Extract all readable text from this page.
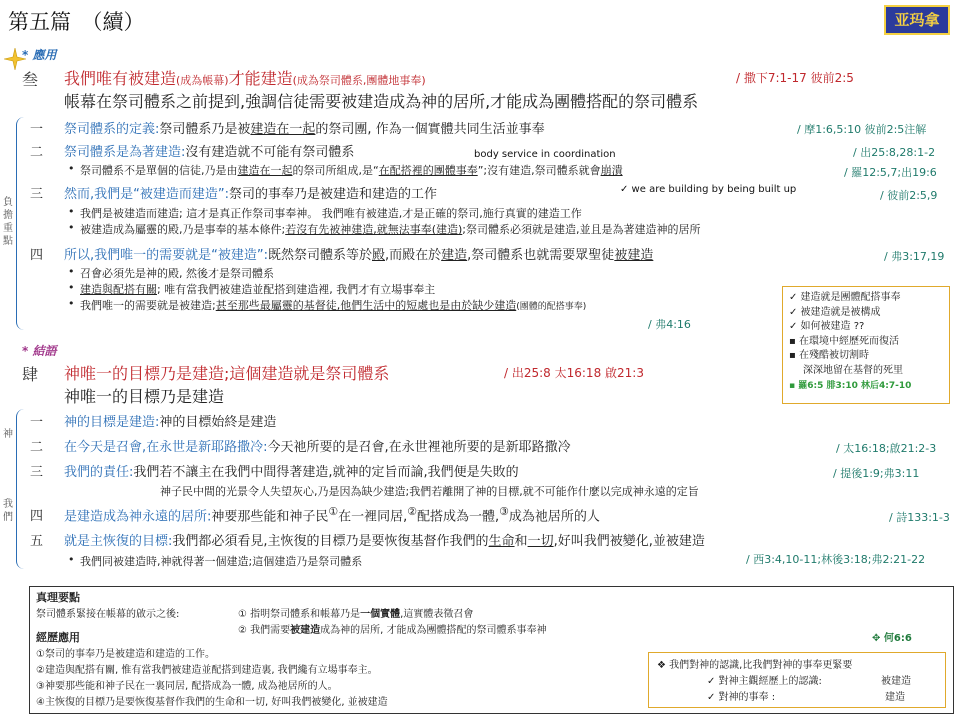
第五篇　（續）	亚玛拿
* 應用
叁 我們唯有被建造(成為帳幕)才能建造(成為祭司體系,團體地事奉)	/ 撒下7:1-17 彼前2:5
帳幕在祭司體系之前提到,強調信徒需要被建造成為神的居所,才能成為團體搭配的祭司體系
負擔重點
一 祭司體系的定義:祭司體系乃是被建造在一起的祭司團, 作為一個實體共同生活並事奉	/ 摩1:6,5:10 彼前2:5注解
二 祭司體系是為著建造:沒有建造就不可能有祭司體系	body service in coordination	/ 出25:8,28:1-2
• 祭司體系不是單個的信徒,乃是由建造在一起的祭司所組成,是“在配搭裡的團體事奉”;沒有建造,祭司體系就會崩潰	/ 羅12:5,7;出19:6
三 然而,我們是“被建造而建造”:祭司的事奉乃是被建造和建造的工作	✓ we are building by being built up	/ 彼前2:5,9
• 我們是被建造而建造; 這才是真正作祭司事奉神。 我們唯有被建造,才是正確的祭司,施行真實的建造工作
• 被建造成為屬靈的殿,乃是事奉的基本條件;若沒有先被神建造,就無法事奉(建造);祭司體系必須就是建造,並且是為著建造神的居所
四 所以,我們唯一的需要就是“被建造”:既然祭司體系等於殿,而殿在於建造,祭司體系也就需要眾聖徒被建造	/ 弗3:17,19
• 召會必須先是神的殿, 然後才是祭司體系
• 建造與配搭有關; 唯有當我們被建造並配搭到建造裡, 我們才有立場事奉主
• 我們唯一的需要就是被建造;甚至那些最屬靈的基督徒,他們生活中的短處也是由於缺少建造(團體的配搭事奉)
/ 弗4:16
✓ 建造就是團體配搭事奉
✓ 被建造就是被構成
✓ 如何被建造 ??
▪ 在環境中經歷死而復活
▪ 在殘酷被切割時
深深地留在基督的死里
▪ 羅6:5 腓3:10 林后4:7-10
* 結語
肆 神唯一的目標乃是建造;這個建造就是祭司體系	/ 出25:8 太16:18 啟21:3
神唯一的目標乃是建造
神
我們
一 神的目標是建造:神的目標始終是建造
二 在今天是召會,在永世是新耶路撒冷:今天祂所要的是召會,在永世裡祂所要的是新耶路撒冷	/ 太16:18;啟21:2-3
三 我們的責任:我們若不讓主在我們中間得著建造,就神的定旨而論,我們便是失敗的	/ 提後1:9;弗3:11
神子民中間的光景令人失望灰心,乃是因為缺少建造;我們若離開了神的目標,就不可能作什麼以完成神永遠的定旨
四 是建造成為神永遠的居所:神要那些能和神子民①在一裡同居,②配搭成為一體,③成為祂居所的人	/ 詩133:1-3
五 就是主恢復的目標:我們都必須看見,主恢復的目標乃是要恢復基督作我們的生命和一切,好叫我們被變化,並被建造
• 我們同被建造時,神就得著一個建造;這個建造乃是祭司體系	/ 西3:4,10-11;林後3:18;弗2:21-22
真理要點
祭司體系緊接在帳幕的啟示之後:	① 指明祭司體系和帳幕乃是一個實體,這實體表徵召會
② 我們需要被建造成為神的居所, 才能成為團體搭配的祭司體系事奉神
經歷應用	✥ 何6:6
①祭司的事奉乃是被建造和建造的工作。
②建造與配搭有關, 惟有當我們被建造並配搭到建造裏, 我們纔有立場事奉主。
③神要那些能和神子民在一裏同居, 配搭成為一體, 成為祂居所的人。
④主恢復的目標乃是要恢復基督作我們的生命和一切, 好叫我們被變化, 並被建造
❖ 我們對神的認識,比我們對神的事奉更緊要
✓ 對神主觀經歷上的認識:	被建造
✓ 對神的事奉 :	建造
